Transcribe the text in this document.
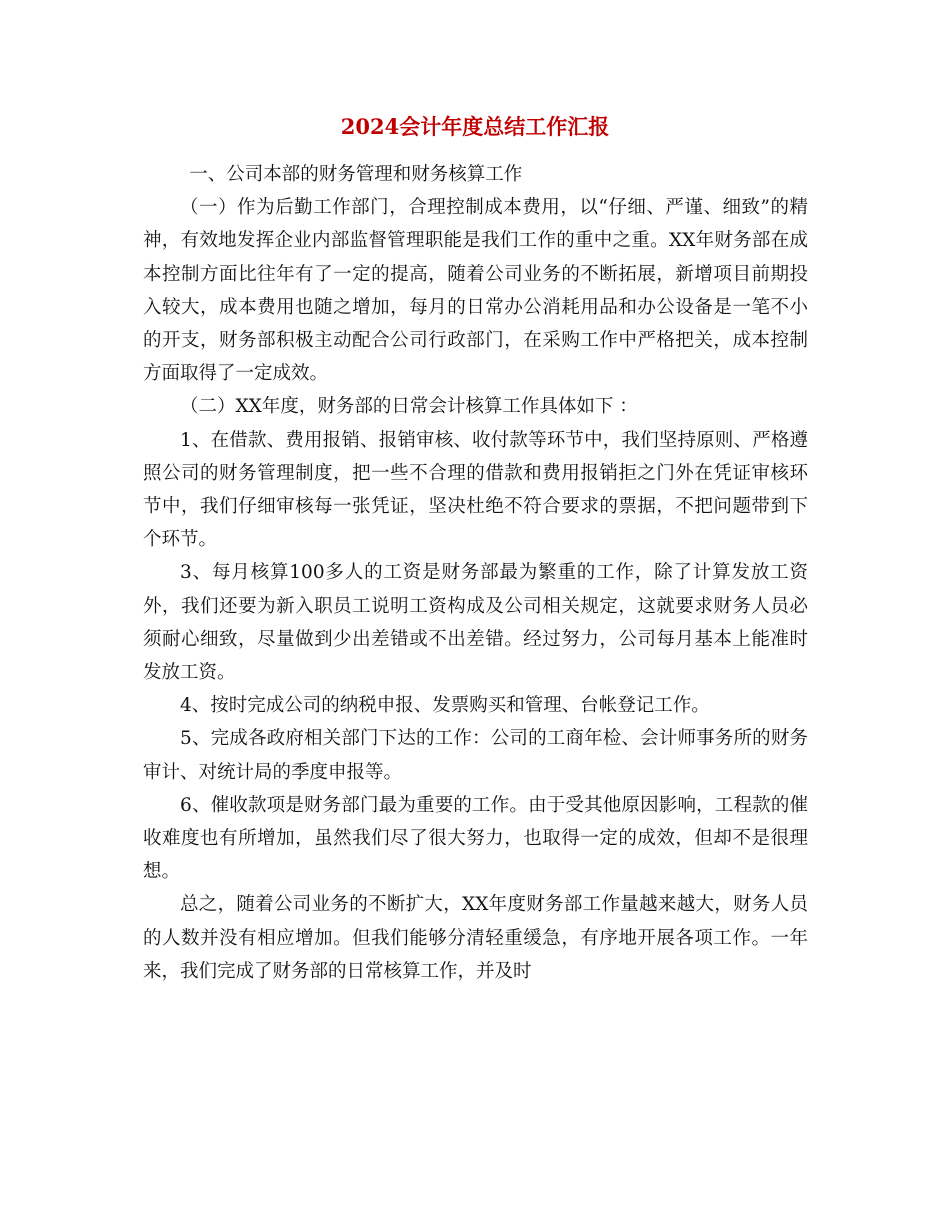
2024会计年度总结工作汇报

一、公司本部的财务管理和财务核算工作

（一）作为后勤工作部门，合理控制成本费用，以“仔细、严谨、细致”的精神，有效地发挥企业内部监督管理职能是我们工作的重中之重。XX年财务部在成本控制方面比往年有了一定的提高，随着公司业务的不断拓展，新增项目前期投入较大，成本费用也随之增加，每月的日常办公消耗用品和办公设备是一笔不小的开支，财务部积极主动配合公司行政部门，在采购工作中严格把关，成本控制方面取得了一定成效。

（二）XX年度，财务部的日常会计核算工作具体如下 ：

1、在借款、费用报销、报销审核、收付款等环节中，我们坚持原则、严格遵照公司的财务管理制度，把一些不合理的借款和费用报销拒之门外在凭证审核环节中，我们仔细审核每一张凭证，坚决杜绝不符合要求的票据，不把问题带到下个环节。

3、每月核算100多人的工资是财务部最为繁重的工作，除了计算发放工资外，我们还要为新入职员工说明工资构成及公司相关规定，这就要求财务人员必须耐心细致，尽量做到少出差错或不出差错。经过努力，公司每月基本上能准时发放工资。

4、按时完成公司的纳税申报、发票购买和管理、台帐登记工作。

5、完成各政府相关部门下达的工作：公司的工商年检、会计师事务所的财务审计、对统计局的季度申报等。

6、催收款项是财务部门最为重要的工作。由于受其他原因影响，工程款的催收难度也有所增加，虽然我们尽了很大努力，也取得一定的成效，但却不是很理想。

总之，随着公司业务的不断扩大，XX年度财务部工作量越来越大，财务人员的人数并没有相应增加。但我们能够分清轻重缓急，有序地开展各项工作。一年来，我们完成了财务部的日常核算工作，并及时
